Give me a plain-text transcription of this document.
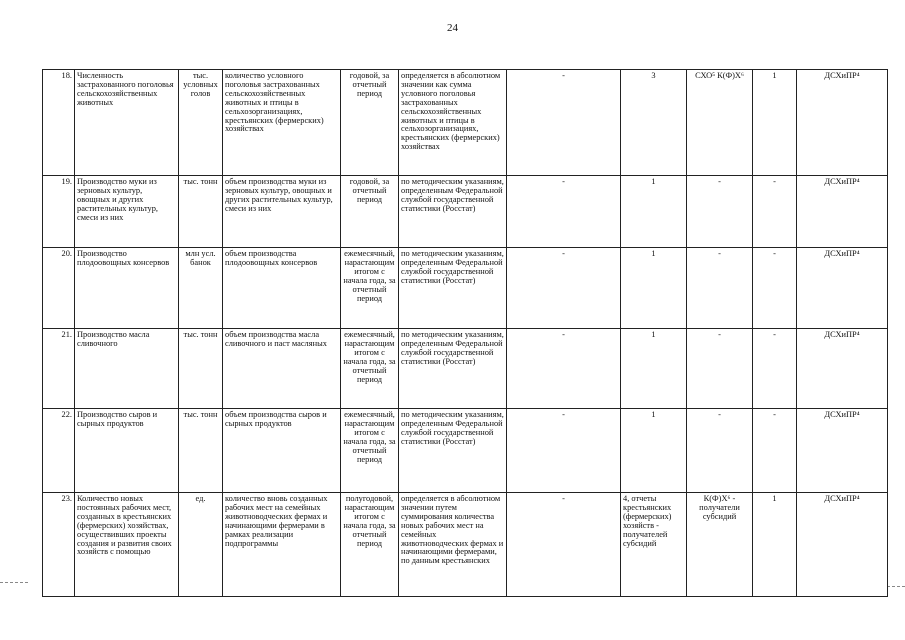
24
18.	Численность застрахованного поголовья сельскохозяйственных животных	тыс. условных голов	количество условного поголовья застрахованных сельскохозяйственных животных и птицы в сельхозорганизациях, крестьянских (фермерских) хозяйствах	годовой, за отчетный период	определяется в абсолютном значении как сумма условного поголовья застрахованных сельскохозяйственных животных и птицы в сельхозорганизациях, крестьянских (фермерских) хозяйствах	-	3	СХО⁵ К(Ф)Х⁶	1	ДСХиПР⁴
19.	Производство муки из зерновых культур, овощных и других растительных культур, смеси из них	тыс. тонн	объем производства муки из зерновых культур, овощных и других растительных культур, смеси из них	годовой, за отчетный период	по методическим указаниям, определенным Федеральной службой государственной статистики (Росстат)	-	1	-	-	ДСХиПР⁴
20.	Производство плодоовощных консервов	млн усл. банок	объем производства плодоовощных консервов	ежемесячный, нарастающим итогом с начала года, за отчетный период	по методическим указаниям, определенным Федеральной службой государственной статистики (Росстат)	-	1	-	-	ДСХиПР⁴
21.	Производство масла сливочного	тыс. тонн	объем производства масла сливочного и паст масляных	ежемесячный, нарастающим итогом с начала года, за отчетный период	по методическим указаниям, определенным Федеральной службой государственной статистики (Росстат)	-	1	-	-	ДСХиПР⁴
22.	Производство сыров и сырных продуктов	тыс. тонн	объем производства сыров и сырных продуктов	ежемесячный, нарастающим итогом с начала года, за отчетный период	по методическим указаниям, определенным Федеральной службой государственной статистики (Росстат)	-	1	-	-	ДСХиПР⁴
23.	Количество новых постоянных рабочих мест, созданных в крестьянских (фермерских) хозяйствах, осуществивших проекты создания и развития своих хозяйств с помощью	ед.	количество вновь созданных рабочих мест на семейных животноводческих фермах и начинающими фермерами в рамках реализации подпрограммы	полугодовой, нарастающим итогом с начала года, за отчетный период	определяется в абсолютном значении путем суммирования количества новых рабочих мест на семейных животноводческих фермах и начинающими фермерами, по данным крестьянских	-	4, отчеты крестьянских (фермерских) хозяйств - получателей субсидий	К(Ф)Х⁶ - получатели субсидий	1	ДСХиПР⁴
